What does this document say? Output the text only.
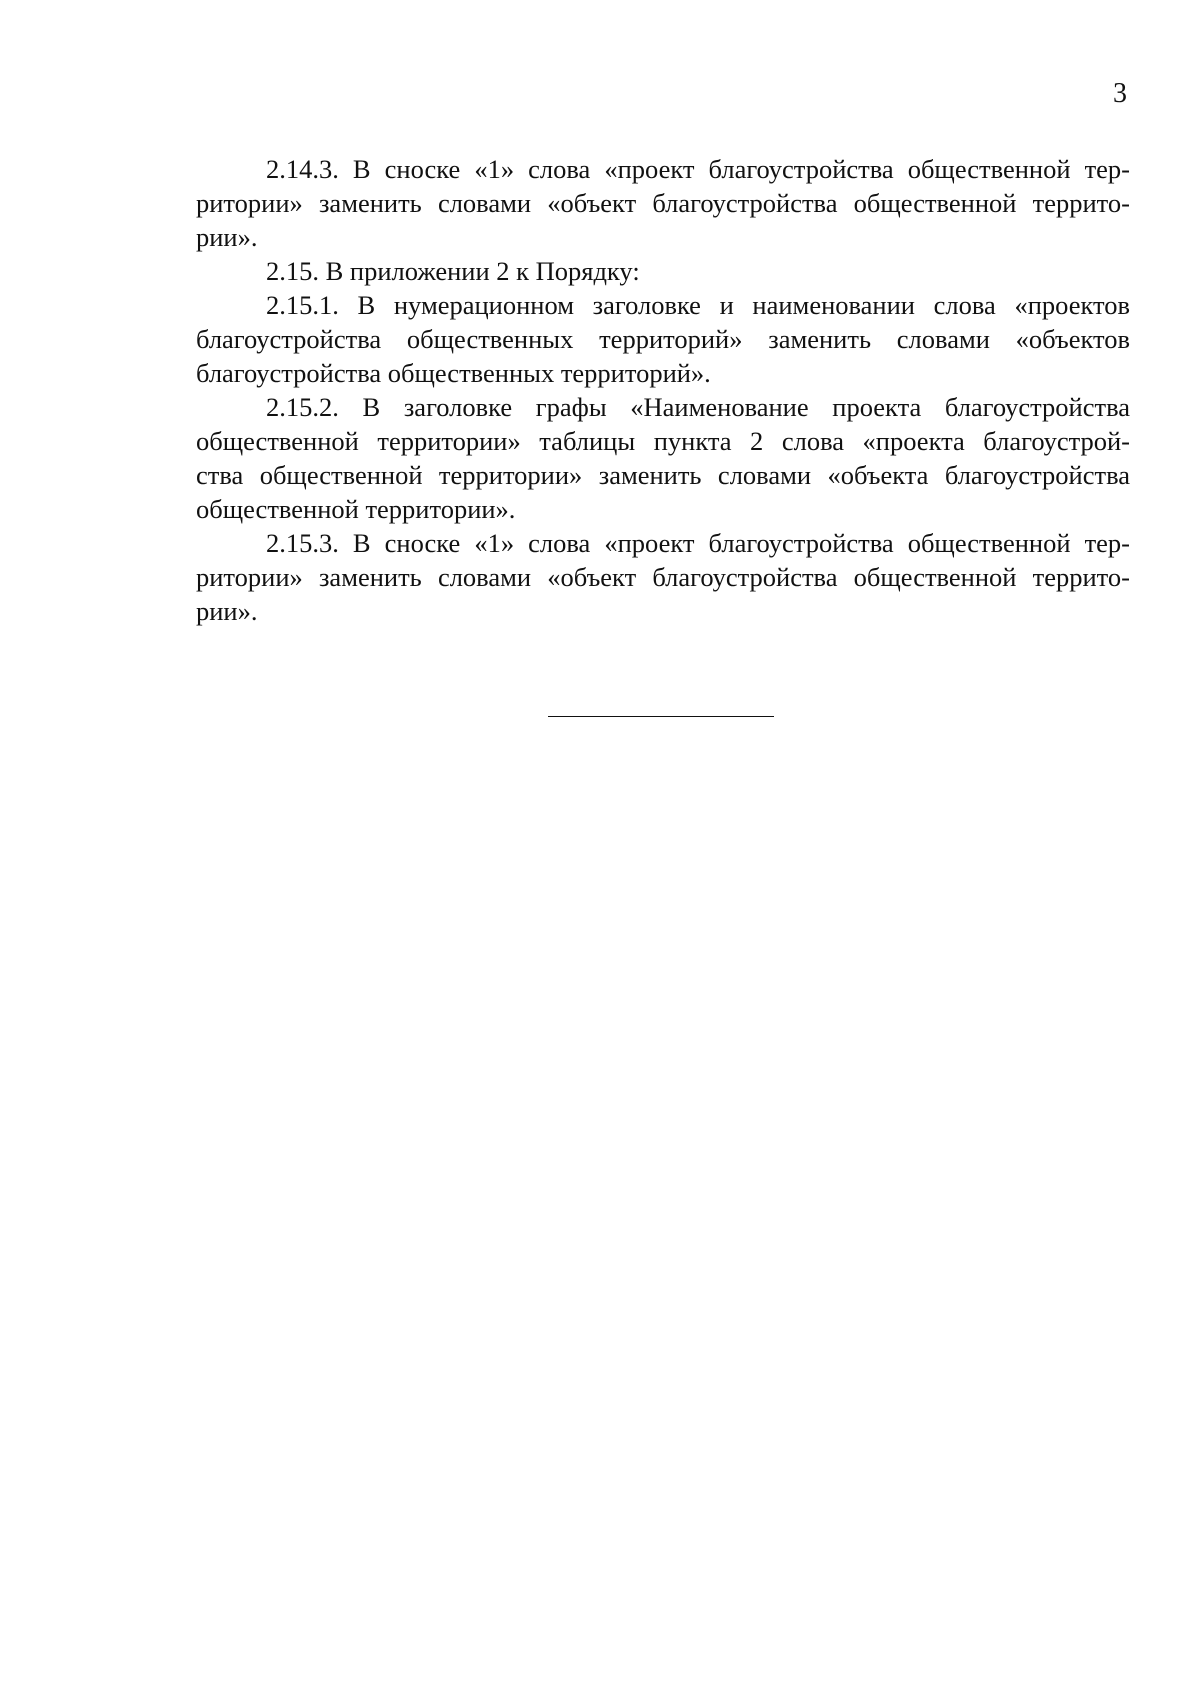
3
2.14.3. В сноске «1» слова «проект благоустройства общественной тер-
ритории» заменить словами «объект благоустройства общественной террито-
рии».
2.15. В приложении 2 к Порядку:
2.15.1. В нумерационном заголовке и наименовании слова «проектов
благоустройства общественных территорий» заменить словами «объектов
благоустройства общественных территорий».
2.15.2. В заголовке графы «Наименование проекта благоустройства
общественной территории» таблицы пункта 2 слова «проекта благоустрой-
ства общественной территории» заменить словами «объекта благоустройства
общественной территории».
2.15.3. В сноске «1» слова «проект благоустройства общественной тер-
ритории» заменить словами «объект благоустройства общественной террито-
рии».
